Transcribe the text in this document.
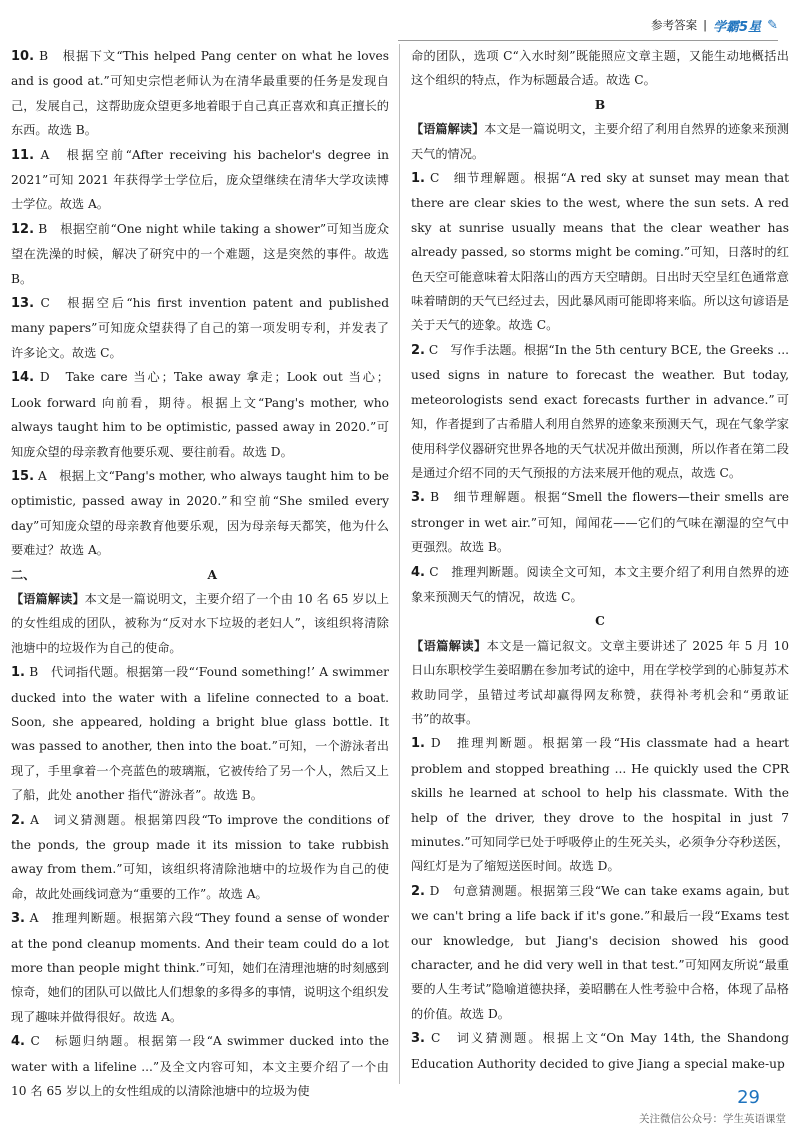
参考答案 | 学霸5星 ✎

10. B　根据下文“This helped Pang center on what he loves and is good at.”可知史宗恺老师认为在清华最重要的任务是发现自己，发展自己，这帮助庞众望更多地着眼于自己真正喜欢和真正擅长的东西。故选 B。

11. A　根据空前“After receiving his bachelor's degree in 2021”可知 2021 年获得学士学位后，庞众望继续在清华大学攻读博士学位。故选 A。

12. B　根据空前“One night while taking a shower”可知当庞众望在洗澡的时候，解决了研究中的一个难题，这是突然的事件。故选 B。

13. C　根据空后“his first invention patent and published many papers”可知庞众望获得了自己的第一项发明专利，并发表了许多论文。故选 C。

14. D　Take care 当心；Take away 拿走；Look out 当心；Look forward 向前看，期待。根据上文“Pang's mother, who always taught him to be optimistic, passed away in 2020.”可知庞众望的母亲教育他要乐观、要往前看。故选 D。

15. A　根据上文“Pang's mother, who always taught him to be optimistic, passed away in 2020.”和空前“She smiled every day”可知庞众望的母亲教育他要乐观，因为母亲每天都笑，他为什么要难过？故选 A。

二、	A

【语篇解读】本文是一篇说明文，主要介绍了一个由 10 名 65 岁以上的女性组成的团队，被称为“反对水下垃圾的老妇人”，该组织将清除池塘中的垃圾作为自己的使命。

1. B　代词指代题。根据第一段“‘Found something!’ A swimmer ducked into the water with a lifeline connected to a boat. Soon, she appeared, holding a bright blue glass bottle. It was passed to another, then into the boat.”可知，一个游泳者出现了，手里拿着一个亮蓝色的玻璃瓶，它被传给了另一个人，然后又上了船，此处 another 指代“游泳者”。故选 B。

2. A　词义猜测题。根据第四段“To improve the conditions of the ponds, the group made it its mission to take rubbish away from them.”可知，该组织将清除池塘中的垃圾作为自己的使命，故此处画线词意为“重要的工作”。故选 A。

3. A　推理判断题。根据第六段“They found a sense of wonder at the pond cleanup moments. And their team could do a lot more than people might think.”可知，她们在清理池塘的时刻感到惊奇，她们的团队可以做比人们想象的多得多的事情，说明这个组织发现了趣味并做得很好。故选 A。

4. C　标题归纳题。根据第一段“A swimmer ducked into the water with a lifeline ...”及全文内容可知，本文主要介绍了一个由 10 名 65 岁以上的女性组成的以清除池塘中的垃圾为使

命的团队，选项 C“入水时刻”既能照应文章主题，又能生动地概括出这个组织的特点，作为标题最合适。故选 C。

B

【语篇解读】本文是一篇说明文，主要介绍了利用自然界的迹象来预测天气的情况。

1. C　细节理解题。根据“A red sky at sunset may mean that there are clear skies to the west, where the sun sets. A red sky at sunrise usually means that the clear weather has already passed, so storms might be coming.”可知，日落时的红色天空可能意味着太阳落山的西方天空晴朗。日出时天空呈红色通常意味着晴朗的天气已经过去，因此暴风雨可能即将来临。所以这句谚语是关于天气的迹象。故选 C。

2. C　写作手法题。根据“In the 5th century BCE, the Greeks ... used signs in nature to forecast the weather. But today, meteorologists send exact forecasts further in advance.”可知，作者提到了古希腊人利用自然界的迹象来预测天气，现在气象学家使用科学仪器研究世界各地的天气状况并做出预测，所以作者在第二段是通过介绍不同的天气预报的方法来展开他的观点，故选 C。

3. B　细节理解题。根据“Smell the flowers—their smells are stronger in wet air.”可知，闻闻花——它们的气味在潮湿的空气中更强烈。故选 B。

4. C　推理判断题。阅读全文可知，本文主要介绍了利用自然界的迹象来预测天气的情况，故选 C。

C

【语篇解读】本文是一篇记叙文。文章主要讲述了 2025 年 5 月 10 日山东职校学生姜昭鹏在参加考试的途中，用在学校学到的心肺复苏术救助同学，虽错过考试却赢得网友称赞，获得补考机会和“勇敢证书”的故事。

1. D　推理判断题。根据第一段“His classmate had a heart problem and stopped breathing ... He quickly used the CPR skills he learned at school to help his classmate. With the help of the driver, they drove to the hospital in just 7 minutes.”可知同学已处于呼吸停止的生死关头，必须争分夺秒送医，闯红灯是为了缩短送医时间。故选 D。

2. D　句意猜测题。根据第三段“We can take exams again, but we can't bring a life back if it's gone.”和最后一段“Exams test our knowledge, but Jiang's decision showed his good character, and he did very well in that test.”可知网友所说“最重要的人生考试”隐喻道德抉择，姜昭鹏在人性考验中合格，体现了品格的价值。故选 D。

3. C　词义猜测题。根据上文“On May 14th, the Shandong Education Authority decided to give Jiang a special make-up

29
关注微信公众号：学生英语课堂
